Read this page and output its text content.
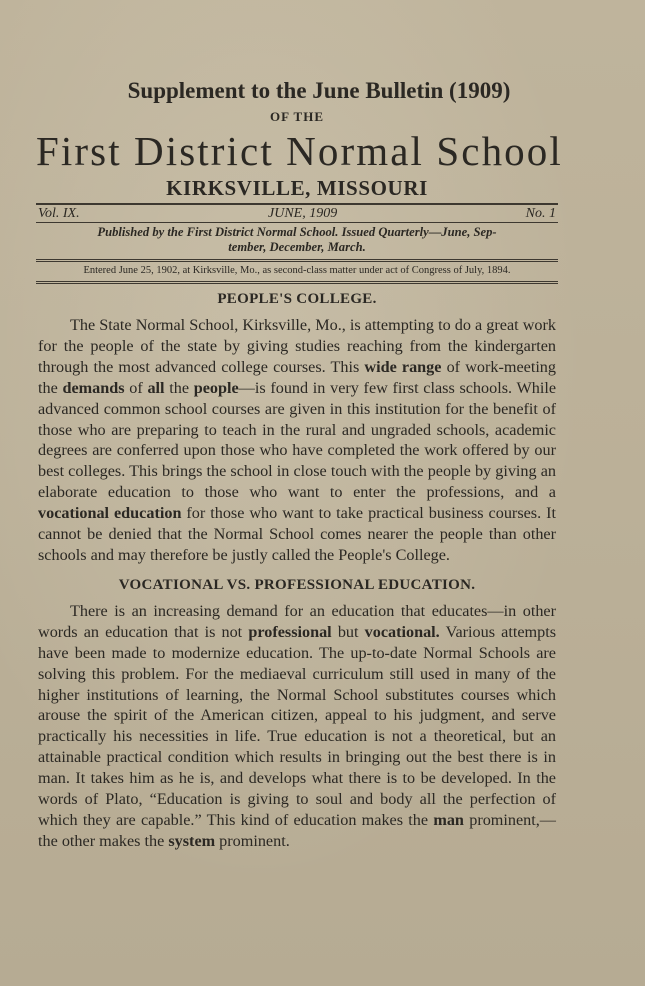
Supplement to the June Bulletin (1909)
OF THE
First District Normal School
KIRKSVILLE, MISSOURI
Vol. IX.	JUNE, 1909	No. 1
Published by the First District Normal School. Issued Quarterly—June, Sep-
tember, December, March.
Entered June 25, 1902, at Kirksville, Mo., as second-class matter under act of Congress of July, 1894.
PEOPLE'S COLLEGE.

The State Normal School, Kirksville, Mo., is attempting to do a great work for the people of the state by giving studies reaching from the kindergarten through the most advanced college courses. This wide range of work-meeting the demands of all the people—is found in very few first class schools. While advanced common school courses are given in this institution for the benefit of those who are preparing to teach in the rural and ungraded schools, academic degrees are conferred upon those who have completed the work offered by our best colleges. This brings the school in close touch with the people by giving an elaborate education to those who want to enter the professions, and a vocational education for those who want to take practical business courses. It cannot be denied that the Normal School comes nearer the people than other schools and may therefore be justly called the People's College.

VOCATIONAL VS. PROFESSIONAL EDUCATION.

There is an increasing demand for an education that educates—in other words an education that is not professional but vocational. Various attempts have been made to modernize education. The up-to-date Normal Schools are solving this problem. For the mediaeval curriculum still used in many of the higher institutions of learning, the Normal School substitutes courses which arouse the spirit of the American citizen, appeal to his judgment, and serve practically his necessities in life. True education is not a theoretical, but an attainable practical condition which results in bringing out the best there is in man. It takes him as he is, and develops what there is to be developed. In the words of Plato, “Education is giving to soul and body all the perfection of which they are capable.” This kind of education makes the man prominent,—the other makes the system prominent.
